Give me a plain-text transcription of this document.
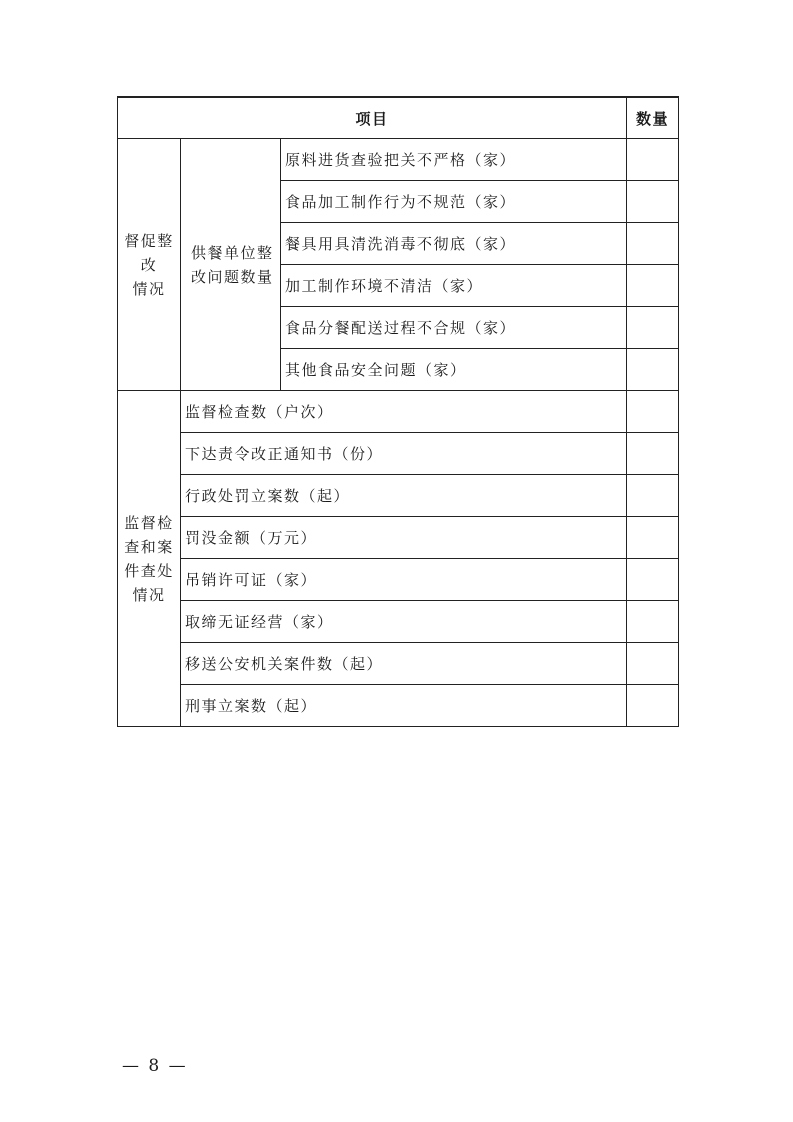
项目			数量

督促整
改
情况	供餐单位整
改问题数量	原料进货查验把关不严格（家）	
		食品加工制作行为不规范（家）	
		餐具用具清洗消毒不彻底（家）	
		加工制作环境不清洁（家）	
		食品分餐配送过程不合规（家）	
		其他食品安全问题（家）	

监督检
查和案
件查处
情况	监督检查数（户次）		
	下达责令改正通知书（份）		
	行政处罚立案数（起）		
	罚没金额（万元）		
	吊销许可证（家）		
	取缔无证经营（家）		
	移送公安机关案件数（起）		
	刑事立案数（起）		
— 8 —
